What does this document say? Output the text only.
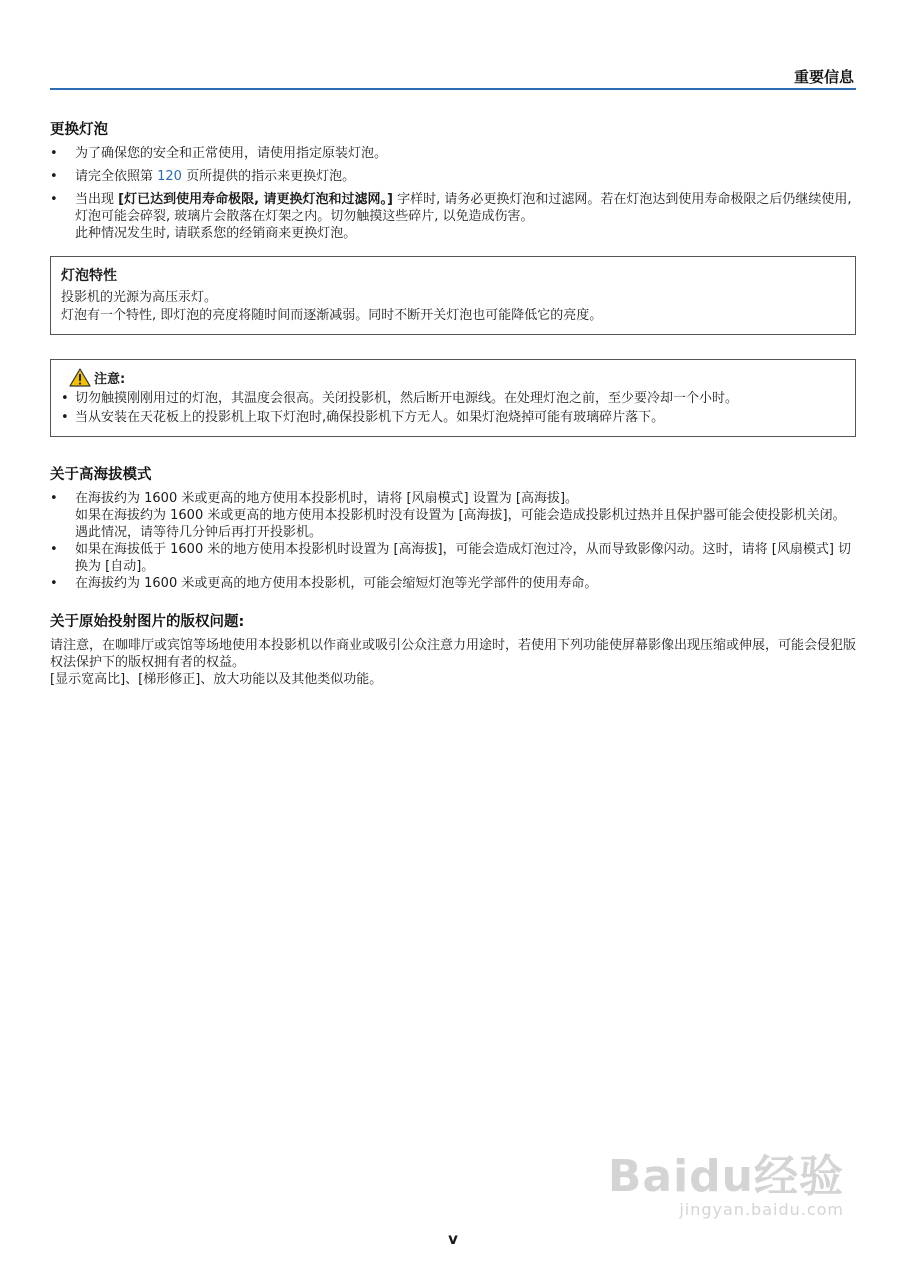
重要信息
更换灯泡
• 为了确保您的安全和正常使用，请使用指定原装灯泡。
• 请完全依照第 120 页所提供的指示来更换灯泡。
• 当出现 [灯已达到使用寿命极限, 请更换灯泡和过滤网。] 字样时, 请务必更换灯泡和过滤网。若在灯泡达到使用寿命极限之后仍继续使用, 灯泡可能会碎裂, 玻璃片会散落在灯架之内。切勿触摸这些碎片, 以免造成伤害。
此种情况发生时, 请联系您的经销商来更换灯泡。
灯泡特性

投影机的光源为高压汞灯。

灯泡有一个特性, 即灯泡的亮度将随时间而逐渐减弱。同时不断开关灯泡也可能降低它的亮度。

注意:
• 切勿触摸刚刚用过的灯泡，其温度会很高。关闭投影机，然后断开电源线。在处理灯泡之前，至少要冷却一个小时。
• 当从安装在天花板上的投影机上取下灯泡时,确保投影机下方无人。如果灯泡烧掉可能有玻璃碎片落下。
关于高海拔模式
• 在海拔约为 1600 米或更高的地方使用本投影机时，请将 [风扇模式] 设置为 [高海拔]。
如果在海拔约为 1600 米或更高的地方使用本投影机时没有设置为 [高海拔]，可能会造成投影机过热并且保护器可能会使投影机关闭。遇此情况，请等待几分钟后再打开投影机。
• 如果在海拔低于 1600 米的地方使用本投影机时设置为 [高海拔]，可能会造成灯泡过冷，从而导致影像闪动。这时，请将 [风扇模式] 切换为 [自动]。
• 在海拔约为 1600 米或更高的地方使用本投影机，可能会缩短灯泡等光学部件的使用寿命。
关于原始投射图片的版权问题:

请注意，在咖啡厅或宾馆等场地使用本投影机以作商业或吸引公众注意力用途时，若使用下列功能使屏幕影像出现压缩或伸展，可能会侵犯版权法保护下的版权拥有者的权益。

[显示宽高比]、[梯形修正]、放大功能以及其他类似功能。

Baidu经验
jingyan.baidu.com
v
